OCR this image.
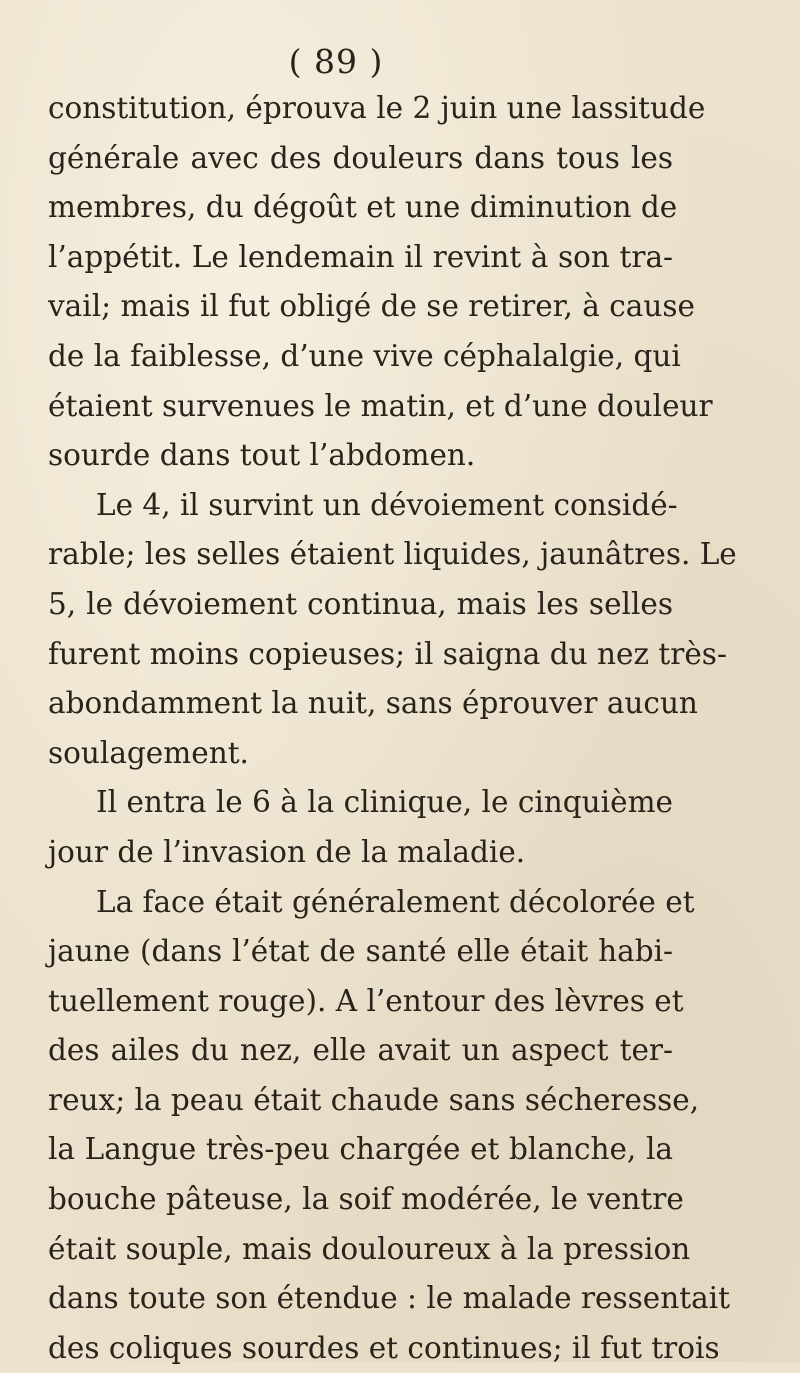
( 89 )
constitution, éprouva le 2 juin une lassitude
générale avec des douleurs dans tous les
membres, du dégoût et une diminution de
l’appétit. Le lendemain il revint à son tra-
vail; mais il fut obligé de se retirer, à cause
de la faiblesse, d’une vive céphalalgie, qui
étaient survenues le matin, et d’une douleur
sourde dans tout l’abdomen.
Le 4, il survint un dévoiement considé-
rable; les selles étaient liquides, jaunâtres. Le
5, le dévoiement continua, mais les selles
furent moins copieuses; il saigna du nez très-
abondamment la nuit, sans éprouver aucun
soulagement.
Il entra le 6 à la clinique, le cinquième
jour de l’invasion de la maladie.
La face était généralement décolorée et
jaune (dans l’état de santé elle était habi-
tuellement rouge). A l’entour des lèvres et
des ailes du nez, elle avait un aspect ter-
reux; la peau était chaude sans sécheresse,
la Langue très-peu chargée et blanche, la
bouche pâteuse, la soif modérée, le ventre
était souple, mais douloureux à la pression
dans toute son étendue : le malade ressentait
des coliques sourdes et continues; il fut trois
